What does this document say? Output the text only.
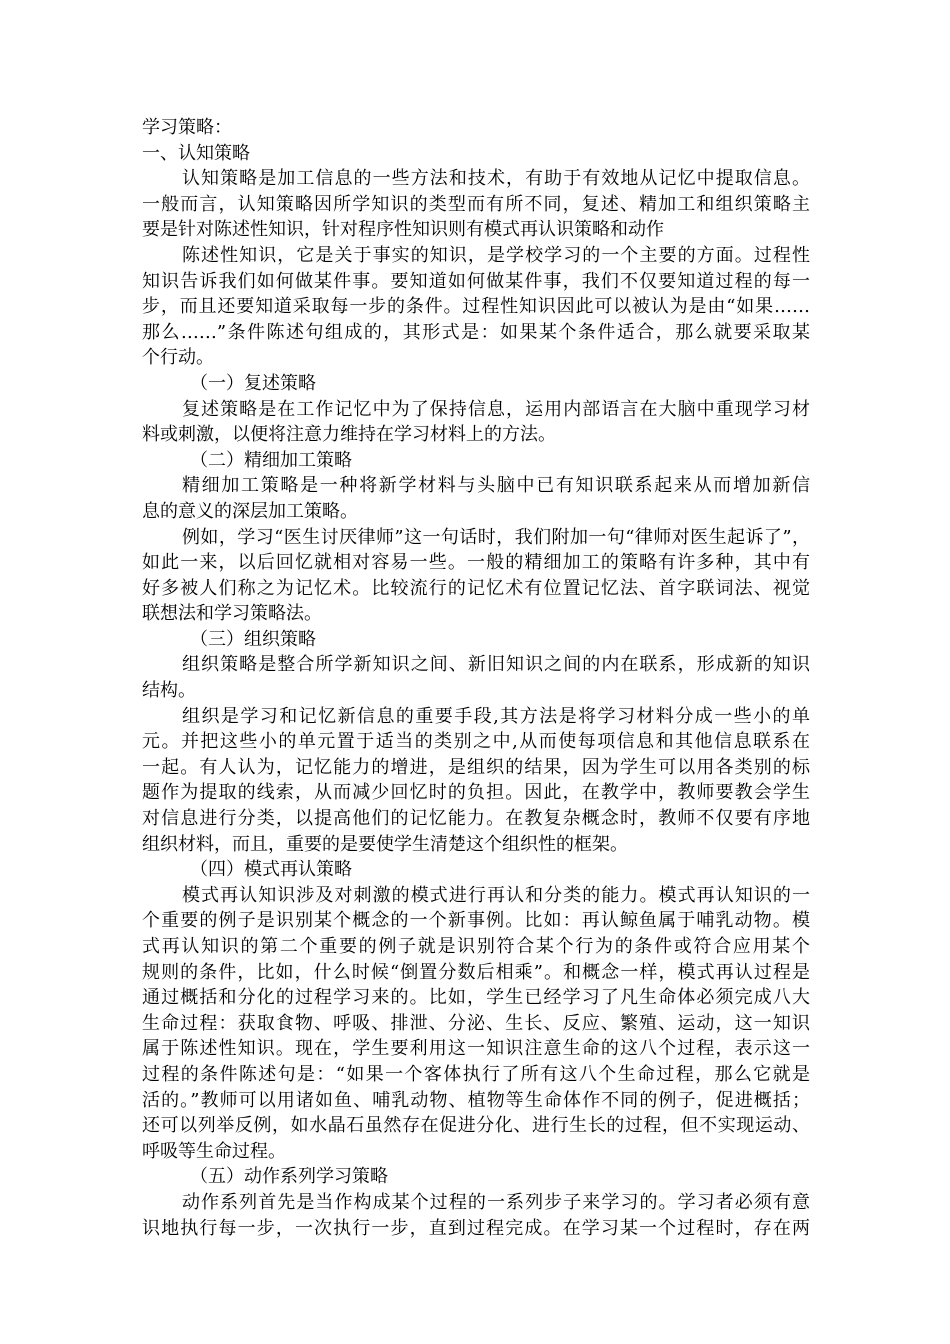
学习策略：
一、认知策略
认知策略是加工信息的一些方法和技术，有助于有效地从记忆中提取信息。
一般而言，认知策略因所学知识的类型而有所不同，复述、精加工和组织策略主
要是针对陈述性知识，针对程序性知识则有模式再认识策略和动作
陈述性知识，它是关于事实的知识，是学校学习的一个主要的方面。过程性
知识告诉我们如何做某件事。要知道如何做某件事，我们不仅要知道过程的每一
步，而且还要知道采取每一步的条件。过程性知识因此可以被认为是由“如果……
那么……”条件陈述句组成的，其形式是：如果某个条件适合，那么就要采取某
个行动。
（一）复述策略
复述策略是在工作记忆中为了保持信息，运用内部语言在大脑中重现学习材
料或刺激，以便将注意力维持在学习材料上的方法。
（二）精细加工策略
精细加工策略是一种将新学材料与头脑中已有知识联系起来从而增加新信
息的意义的深层加工策略。
例如，学习“医生讨厌律师”这一句话时，我们附加一句“律师对医生起诉了”，
如此一来，以后回忆就相对容易一些。一般的精细加工的策略有许多种，其中有
好多被人们称之为记忆术。比较流行的记忆术有位置记忆法、首字联词法、视觉
联想法和学习策略法。
（三）组织策略
组织策略是整合所学新知识之间、新旧知识之间的内在联系，形成新的知识
结构。
组织是学习和记忆新信息的重要手段,其方法是将学习材料分成一些小的单
元。并把这些小的单元置于适当的类别之中,从而使每项信息和其他信息联系在
一起。有人认为，记忆能力的增进，是组织的结果，因为学生可以用各类别的标
题作为提取的线索，从而减少回忆时的负担。因此，在教学中，教师要教会学生
对信息进行分类，以提高他们的记忆能力。在教复杂概念时，教师不仅要有序地
组织材料，而且，重要的是要使学生清楚这个组织性的框架。
（四）模式再认策略
模式再认知识涉及对刺激的模式进行再认和分类的能力。模式再认知识的一
个重要的例子是识别某个概念的一个新事例。比如：再认鲸鱼属于哺乳动物。模
式再认知识的第二个重要的例子就是识别符合某个行为的条件或符合应用某个
规则的条件，比如，什么时候“倒置分数后相乘”。和概念一样，模式再认过程是
通过概括和分化的过程学习来的。比如，学生已经学习了凡生命体必须完成八大
生命过程：获取食物、呼吸、排泄、分泌、生长、反应、繁殖、运动，这一知识
属于陈述性知识。现在，学生要利用这一知识注意生命的这八个过程，表示这一
过程的条件陈述句是：“如果一个客体执行了所有这八个生命过程，那么它就是
活的。”教师可以用诸如鱼、哺乳动物、植物等生命体作不同的例子，促进概括；
还可以列举反例，如水晶石虽然存在促进分化、进行生长的过程，但不实现运动、
呼吸等生命过程。
（五）动作系列学习策略
动作系列首先是当作构成某个过程的一系列步子来学习的。学习者必须有意
识地执行每一步，一次执行一步，直到过程完成。在学习某一个过程时，存在两
